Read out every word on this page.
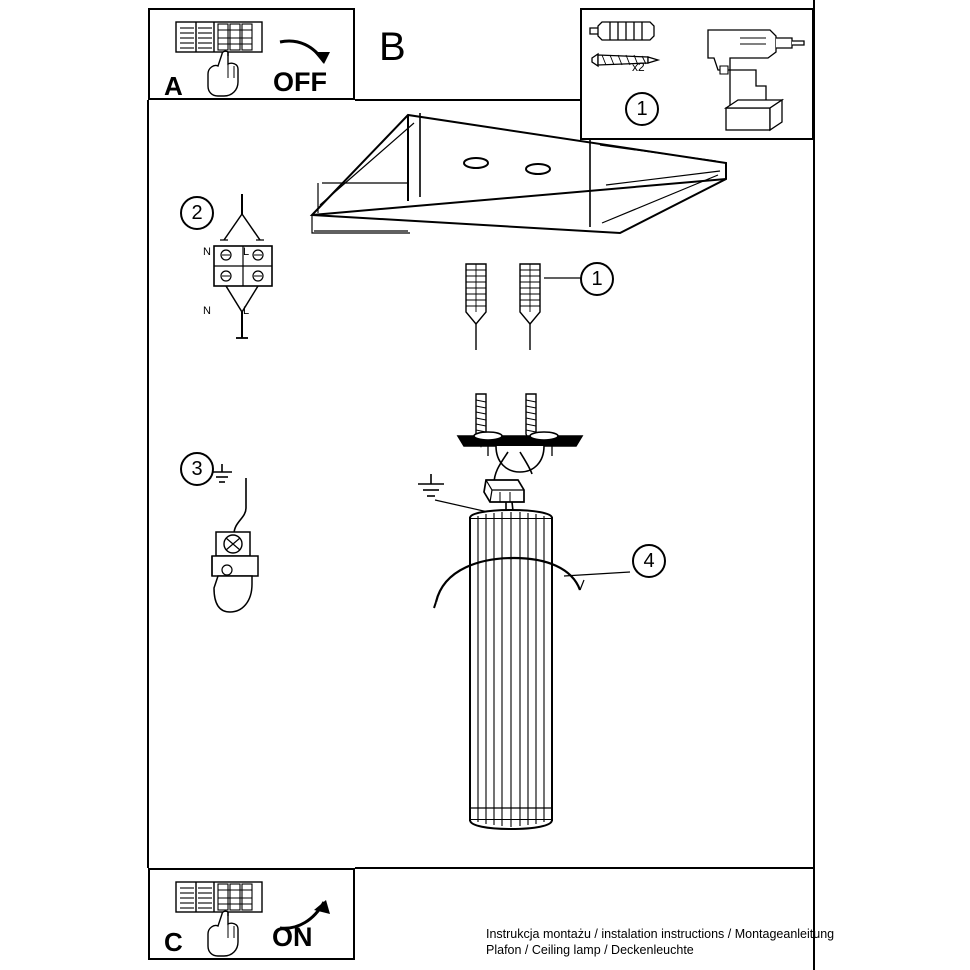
A	OFF
B	x2
1
1
2
N	L
N	L
3
4
C	ON	Instrukcja montażu / instalation instructions / Montageanleitung
Plafon / Ceiling lamp / Deckenleuchte
